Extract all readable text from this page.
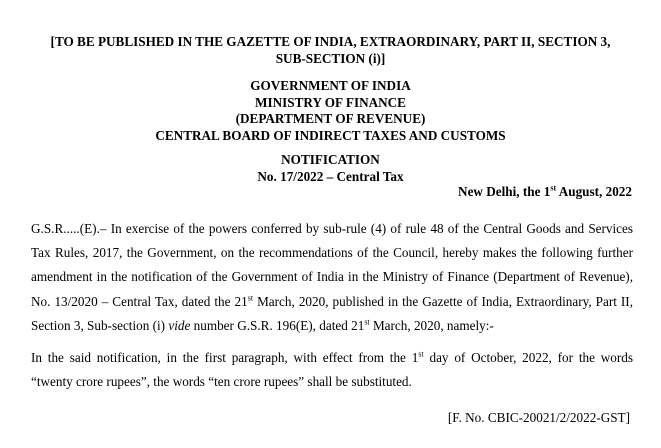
[TO BE PUBLISHED IN THE GAZETTE OF INDIA, EXTRAORDINARY, PART II, SECTION 3,
SUB-SECTION (i)]
GOVERNMENT OF INDIA
MINISTRY OF FINANCE
(DEPARTMENT OF REVENUE)
CENTRAL BOARD OF INDIRECT TAXES AND CUSTOMS
NOTIFICATION
No. 17/2022 – Central Tax
New Delhi, the 1st August, 2022
G.S.R.....(E).– In exercise of the powers conferred by sub-rule (4) of rule 48 of the Central Goods and Services
Tax Rules, 2017, the Government, on the recommendations of the Council, hereby makes the following further
amendment in the notification of the Government of India in the Ministry of Finance (Department of Revenue),
No. 13/2020 – Central Tax, dated the 21st March, 2020, published in the Gazette of India, Extraordinary, Part II,
Section 3, Sub-section (i) vide number G.S.R. 196(E), dated 21st March, 2020, namely:-
In the said notification, in the first paragraph, with effect from the 1st day of October, 2022, for the words
“twenty crore rupees”, the words “ten crore rupees” shall be substituted.
[F. No. CBIC-20021/2/2022-GST]
